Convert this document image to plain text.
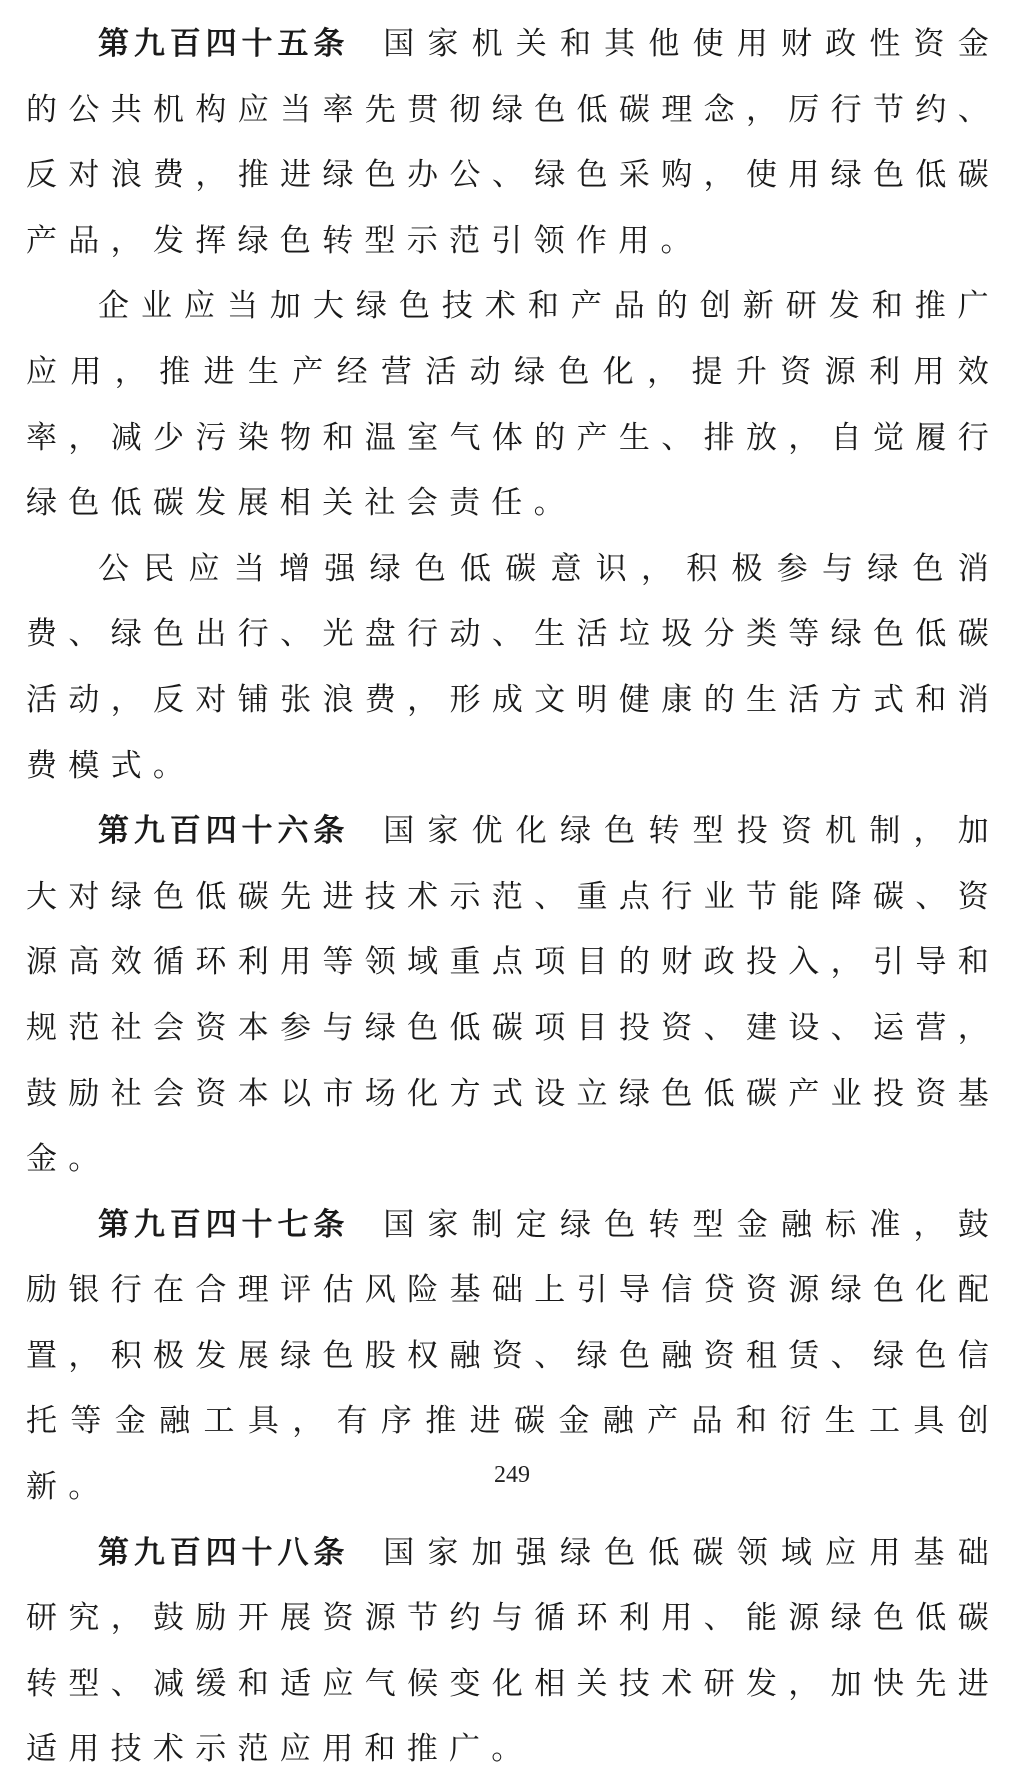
第九百四十五条 国家机关和其他使用财政性资金的公共机构应当率先贯彻绿色低碳理念，厉行节约、反对浪费，推进绿色办公、绿色采购，使用绿色低碳产品，发挥绿色转型示范引领作用。

企业应当加大绿色技术和产品的创新研发和推广应用，推进生产经营活动绿色化，提升资源利用效率，减少污染物和温室气体的产生、排放，自觉履行绿色低碳发展相关社会责任。

公民应当增强绿色低碳意识，积极参与绿色消费、绿色出行、光盘行动、生活垃圾分类等绿色低碳活动，反对铺张浪费，形成文明健康的生活方式和消费模式。

第九百四十六条 国家优化绿色转型投资机制，加大对绿色低碳先进技术示范、重点行业节能降碳、资源高效循环利用等领域重点项目的财政投入，引导和规范社会资本参与绿色低碳项目投资、建设、运营，鼓励社会资本以市场化方式设立绿色低碳产业投资基金。

第九百四十七条 国家制定绿色转型金融标准，鼓励银行在合理评估风险基础上引导信贷资源绿色化配置，积极发展绿色股权融资、绿色融资租赁、绿色信托等金融工具，有序推进碳金融产品和衍生工具创新。

第九百四十八条 国家加强绿色低碳领域应用基础研究，鼓励开展资源节约与循环利用、能源绿色低碳转型、减缓和适应气候变化相关技术研发，加快先进适用技术示范应用和推广。

249
